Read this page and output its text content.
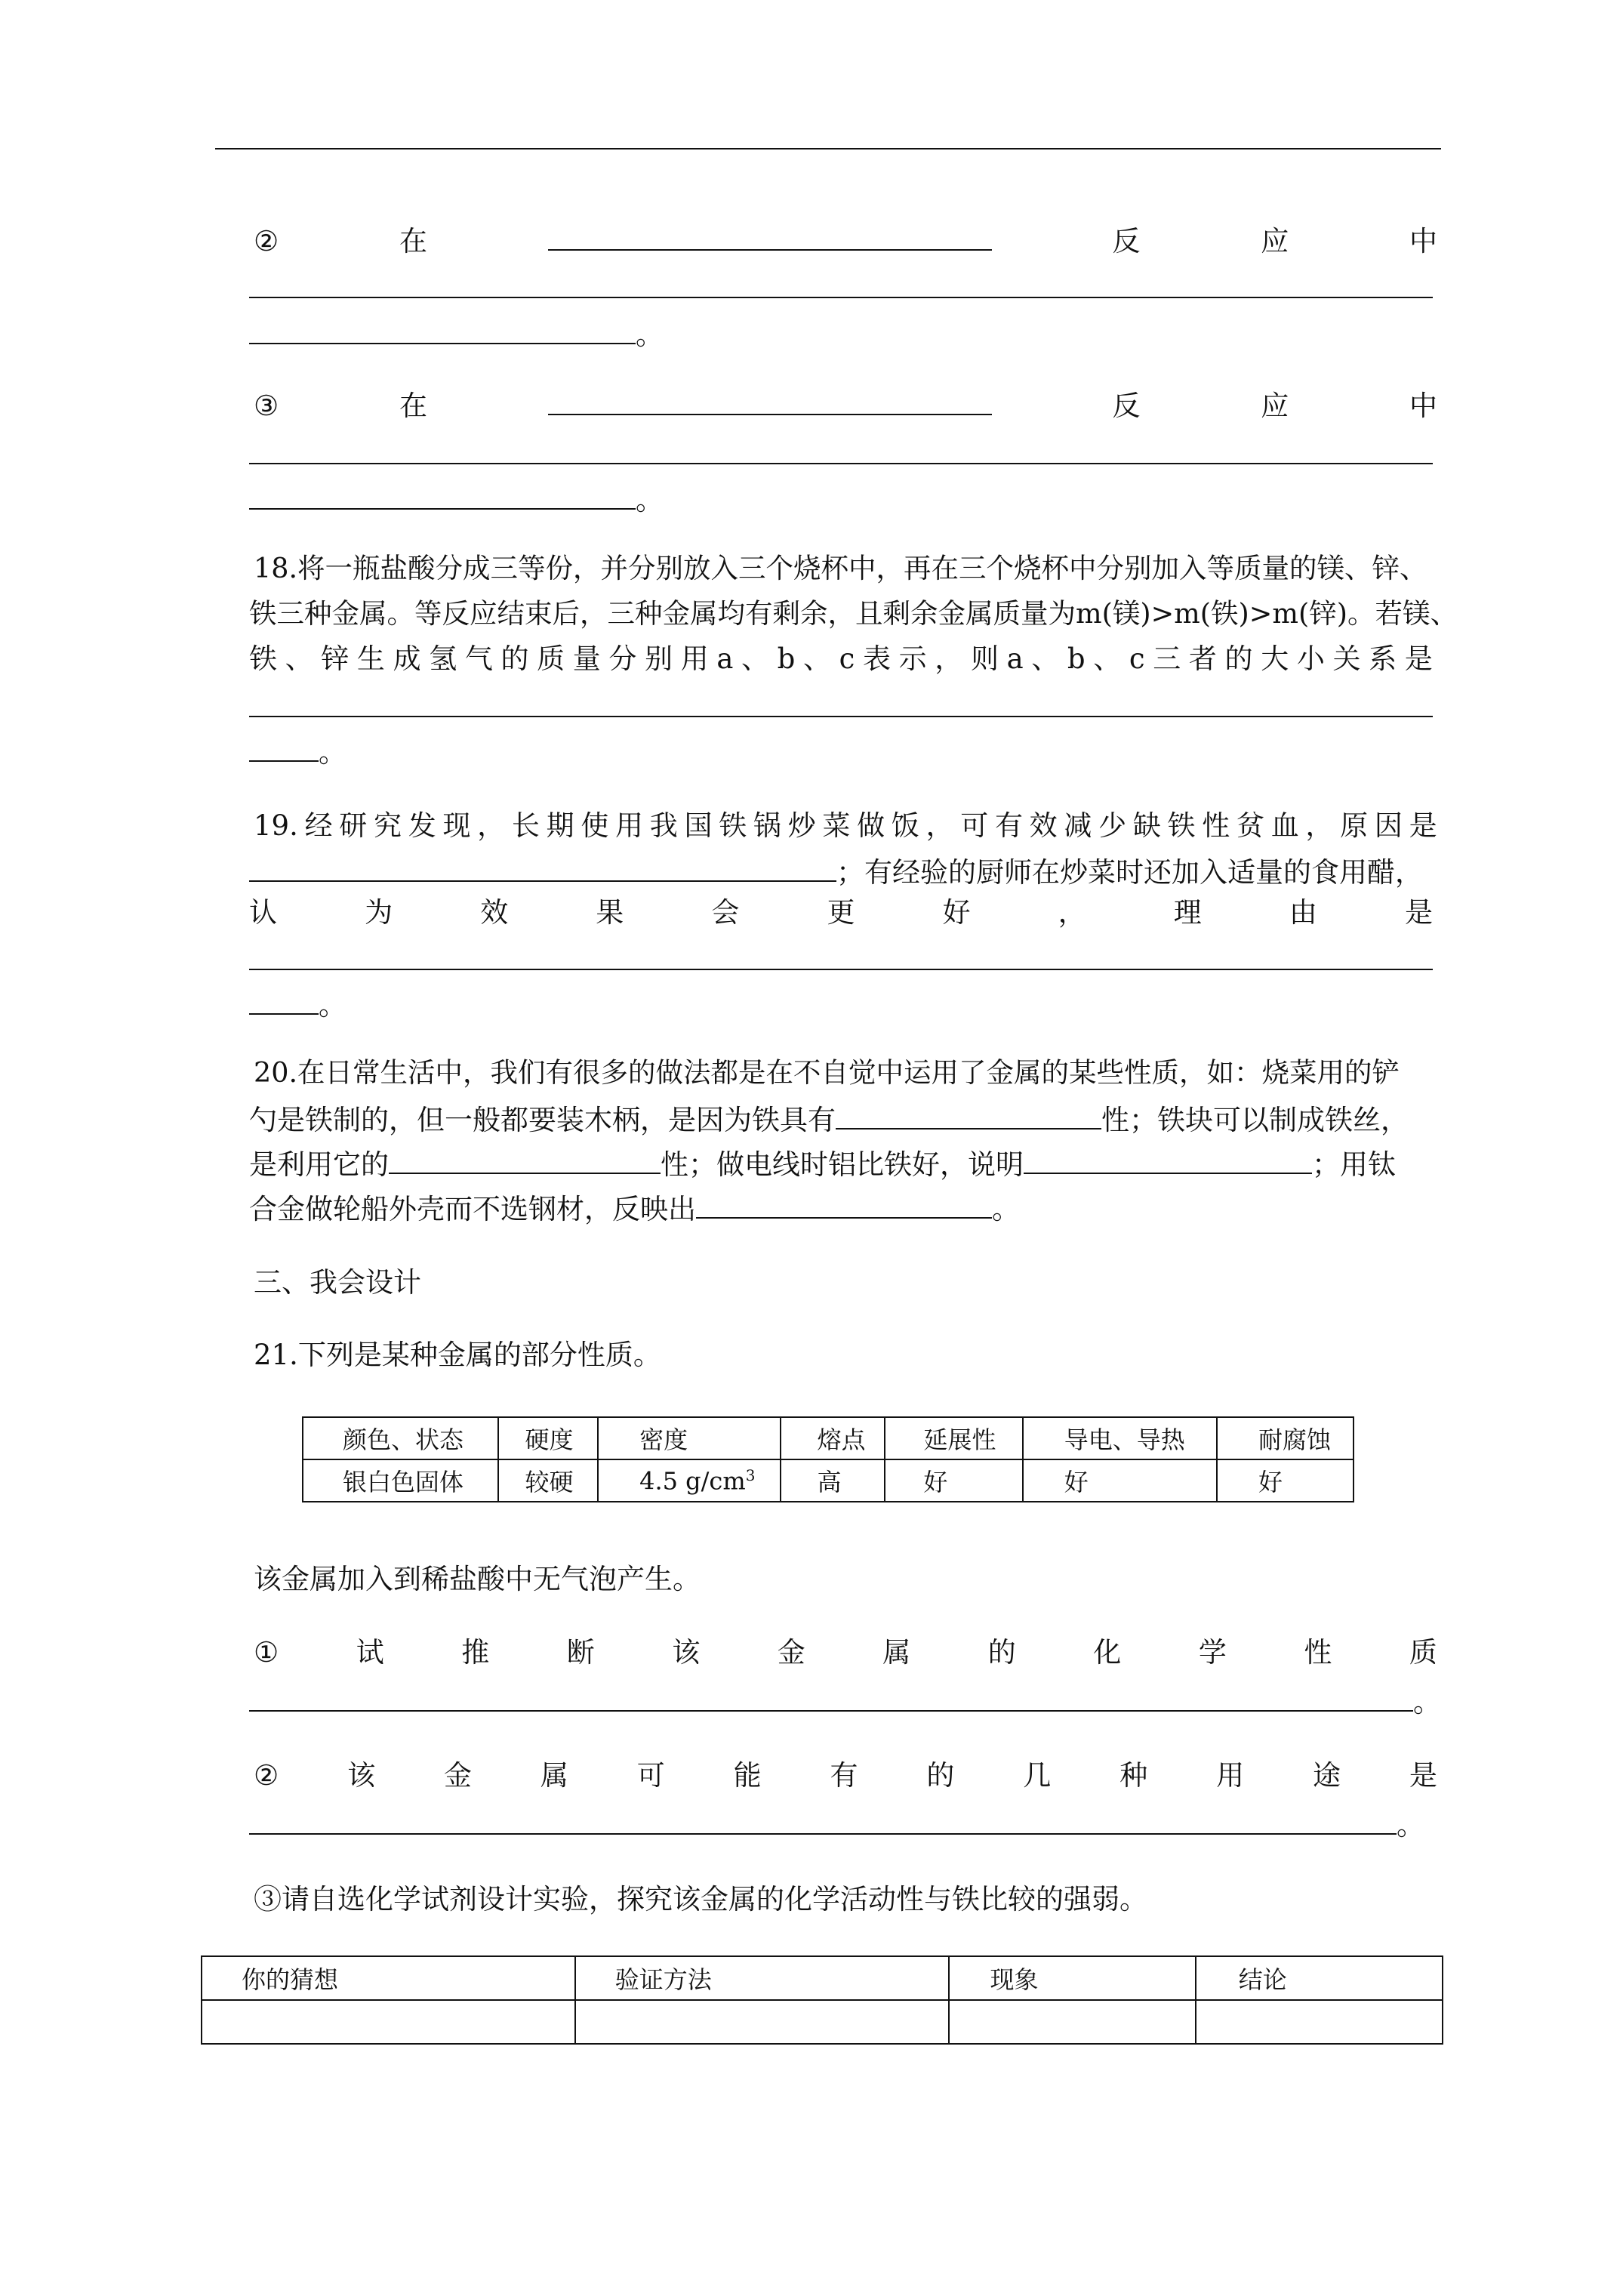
②	在	反	应	中
。
③	在	反	应	中
。
18.将一瓶盐酸分成三等份，并分别放入三个烧杯中，再在三个烧杯中分别加入等质量的镁、锌、
铁三种金属。等反应结束后，三种金属均有剩余，且剩余金属质量为m(镁)>m(铁)>m(锌)。若镁、
铁 、 锌 生 成 氢 气 的 质 量 分 别 用 a 、 b 、 c 表 示 ， 则 a 、 b 、 c 三 者 的 大 小 关 系 是
。
19. 经 研 究 发 现 ， 长 期 使 用 我 国 铁 锅 炒 菜 做 饭 ， 可 有 效 减 少 缺 铁 性 贫 血 ， 原 因 是
；有经验的厨师在炒菜时还加入适量的食用醋，
认	为	效	果	会	更	好	，	理	由	是
。
20.在日常生活中，我们有很多的做法都是在不自觉中运用了金属的某些性质，如：烧菜用的铲
勺是铁制的，但一般都要装木柄，是因为铁具有	性；铁块可以制成铁丝，
是利用它的	性；做电线时铝比铁好，说明	；用钛
合金做轮船外壳而不选钢材，反映出	。
三、我会设计
21.下列是某种金属的部分性质。
颜色、状态	硬度	密度	熔点	延展性	导电、导热	耐腐蚀
银白色固体	较硬	4.5 $g/cm^3$	高	好	好	好
该金属加入到稀盐酸中无气泡产生。
①	试	推	断	该	金	属	的	化	学	性	质
。
② 该 金 属 可 能 有 的 几 种 用 途 是
。
③请自选化学试剂设计实验，探究该金属的化学活动性与铁比较的强弱。
你的猜想	验证方法	现象	结论
